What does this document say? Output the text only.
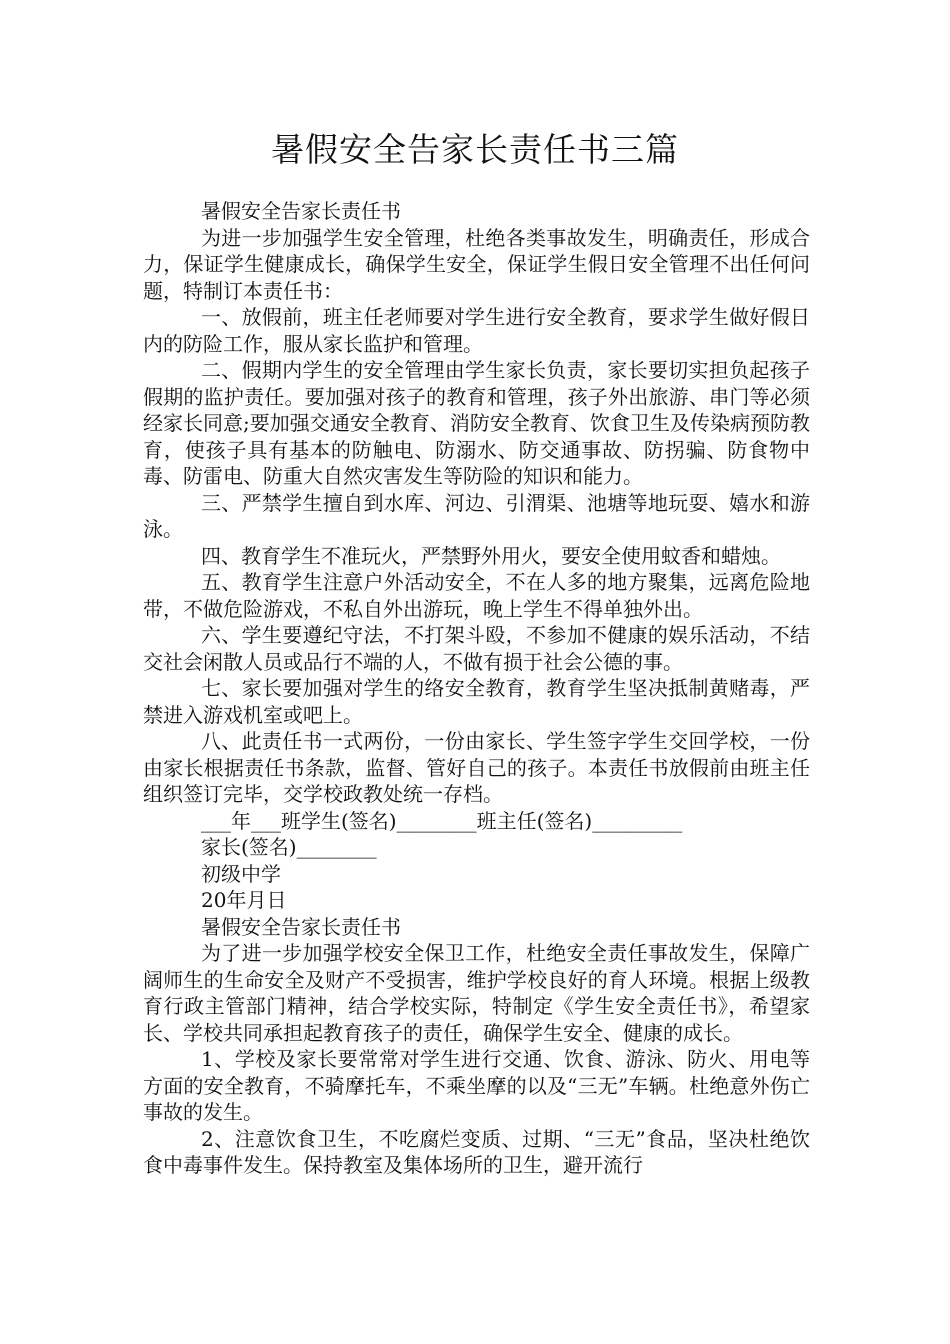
暑假安全告家长责任书三篇

暑假安全告家长责任书

为进一步加强学生安全管理，杜绝各类事故发生，明确责任，形成合力，保证学生健康成长，确保学生安全，保证学生假日安全管理不出任何问题，特制订本责任书：

一、放假前，班主任老师要对学生进行安全教育，要求学生做好假日内的防险工作，服从家长监护和管理。

二、假期内学生的安全管理由学生家长负责，家长要切实担负起孩子假期的监护责任。要加强对孩子的教育和管理，孩子外出旅游、串门等必须经家长同意;要加强交通安全教育、消防安全教育、饮食卫生及传染病预防教育，使孩子具有基本的防触电、防溺水、防交通事故、防拐骗、防食物中毒、防雷电、防重大自然灾害发生等防险的知识和能力。

三、严禁学生擅自到水库、河边、引渭渠、池塘等地玩耍、嬉水和游泳。

四、教育学生不准玩火，严禁野外用火，要安全使用蚊香和蜡烛。

五、教育学生注意户外活动安全，不在人多的地方聚集，远离危险地带，不做危险游戏，不私自外出游玩，晚上学生不得单独外出。

六、学生要遵纪守法，不打架斗殴，不参加不健康的娱乐活动，不结交社会闲散人员或品行不端的人，不做有损于社会公德的事。

七、家长要加强对学生的络安全教育，教育学生坚决抵制黄赌毒，严禁进入游戏机室或吧上。

八、此责任书一式两份，一份由家长、学生签字学生交回学校，一份由家长根据责任书条款，监督、管好自己的孩子。本责任书放假前由班主任组织签订完毕，交学校政教处统一存档。

___年___班学生(签名)________班主任(签名)_________

家长(签名)________

初级中学

20年月日

暑假安全告家长责任书

为了进一步加强学校安全保卫工作，杜绝安全责任事故发生，保障广阔师生的生命安全及财产不受损害，维护学校良好的育人环境。根据上级教育行政主管部门精神，结合学校实际，特制定《学生安全责任书》，希望家长、学校共同承担起教育孩子的责任，确保学生安全、健康的成长。

1、学校及家长要常常对学生进行交通、饮食、游泳、防火、用电等方面的安全教育，不骑摩托车，不乘坐摩的以及“三无”车辆。杜绝意外伤亡事故的发生。

2、注意饮食卫生，不吃腐烂变质、过期、“三无”食品，坚决杜绝饮食中毒事件发生。保持教室及集体场所的卫生，避开流行
